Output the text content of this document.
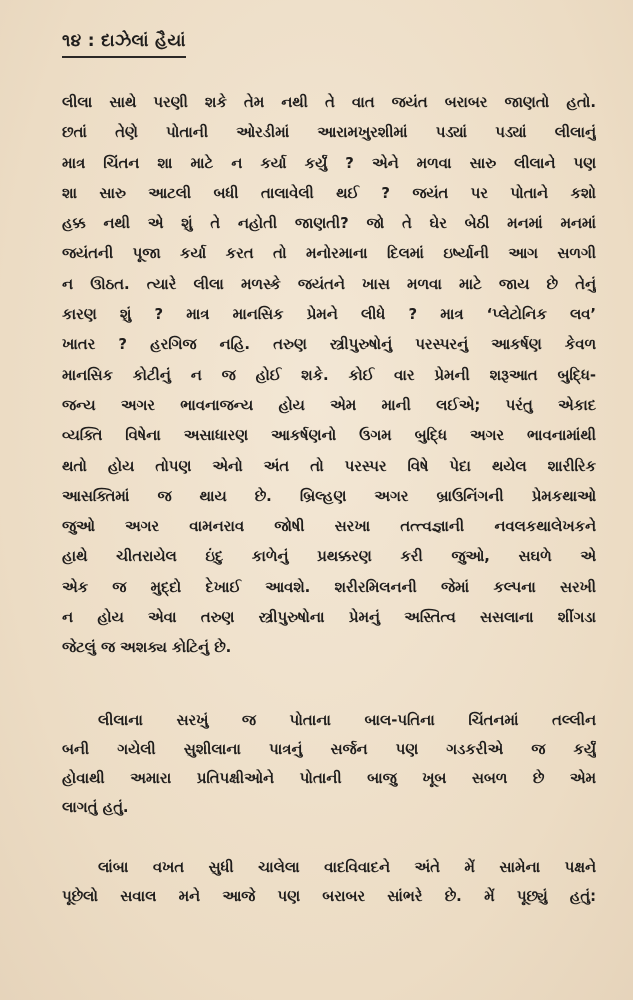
૧૪ : દાઝેલાં હૈયાં
લીલા સાથે પરણી શકે તેમ નથી તે વાત જયંત બરાબર જાણતો હતો.
છતાં તેણે પોતાની ઓરડીમાં આરામખુરશીમાં પડ્યાં પડ્યાં લીલાનું
માત્ર ચિંતન શા માટે ન કર્યા કર્યું ? એને મળવા સારુ લીલાને પણ
શા સારુ આટલી બધી તાલાવેલી થઈ ? જયંત પર પોતાને કશો
હક્ક નથી એ શું તે નહોતી જાણતી? જો તે ઘેર બેઠી મનમાં મનમાં
જયંતની પૂજા કર્યા કરત તો મનોરમાના દિલમાં ઇર્ષ્યાની આગ સળગી
ન ઊઠત. ત્યારે લીલા મળસ્કે જયંતને ખાસ મળવા માટે જાય છે તેનું
કારણ શું ? માત્ર માનસિક પ્રેમને લીધે ? માત્ર ‘પ્લેટોનિક લવ’
ખાતર ? હરગિજ નહિ. તરુણ સ્ત્રીપુરુષોનું પરસ્પરનું આકર્ષણ કેવળ
માનસિક કોટીનું ન જ હોઈ શકે. કોઈ વાર પ્રેમની શરૂઆત બુદ્ધિ-
જન્ય અગર ભાવનાજન્ય હોય એમ માની લઈએ; પરંતુ એકાદ
વ્યક્તિ વિષેના અસાધારણ આકર્ષણનો ઉગમ બુદ્ધિ અગર ભાવનામાંથી
થતો હોય તોપણ એનો અંત તો પરસ્પર વિષે પેદા થયેલ શારીરિક
આસક્તિમાં જ થાય છે. બ્રિલ્હણ અગર બ્રાઉનિંગની પ્રેમકથાઓ
જુઓ અગર વામનરાવ જોષી સરખા તત્ત્વજ્ઞાની નવલકથાલેખકને
હાથે ચીતરાયેલ ઇંદુ કાળેનું પ્રથક્કરણ કરી જુઓ, સઘળે એ
એક જ મુદ્દો દેખાઈ આવશે. શરીરમિલનની જેમાં કલ્પના સરખી
ન હોય એવા તરુણ સ્ત્રીપુરુષોના પ્રેમનું અસ્તિત્વ સસલાના શીંગડા
જેટલું જ અશક્ય કોટિનું છે.
લીલાના સરખું જ પોતાના બાલ-પતિના ચિંતનમાં તલ્લીન
બની ગયેલી સુશીલાના પાત્રનું સર્જન પણ ગડકરીએ જ કર્યું
હોવાથી અમારા પ્રતિપક્ષીઓને પોતાની બાજુ ખૂબ સબળ છે એમ
લાગતું હતું.
લાંબા વખત સુધી ચાલેલા વાદવિવાદને અંતે મેં સામેના પક્ષને
પૂછેલો સવાલ મને આજે પણ બરાબર સાંભરે છે. મેં પૂછ્યું હતું:
